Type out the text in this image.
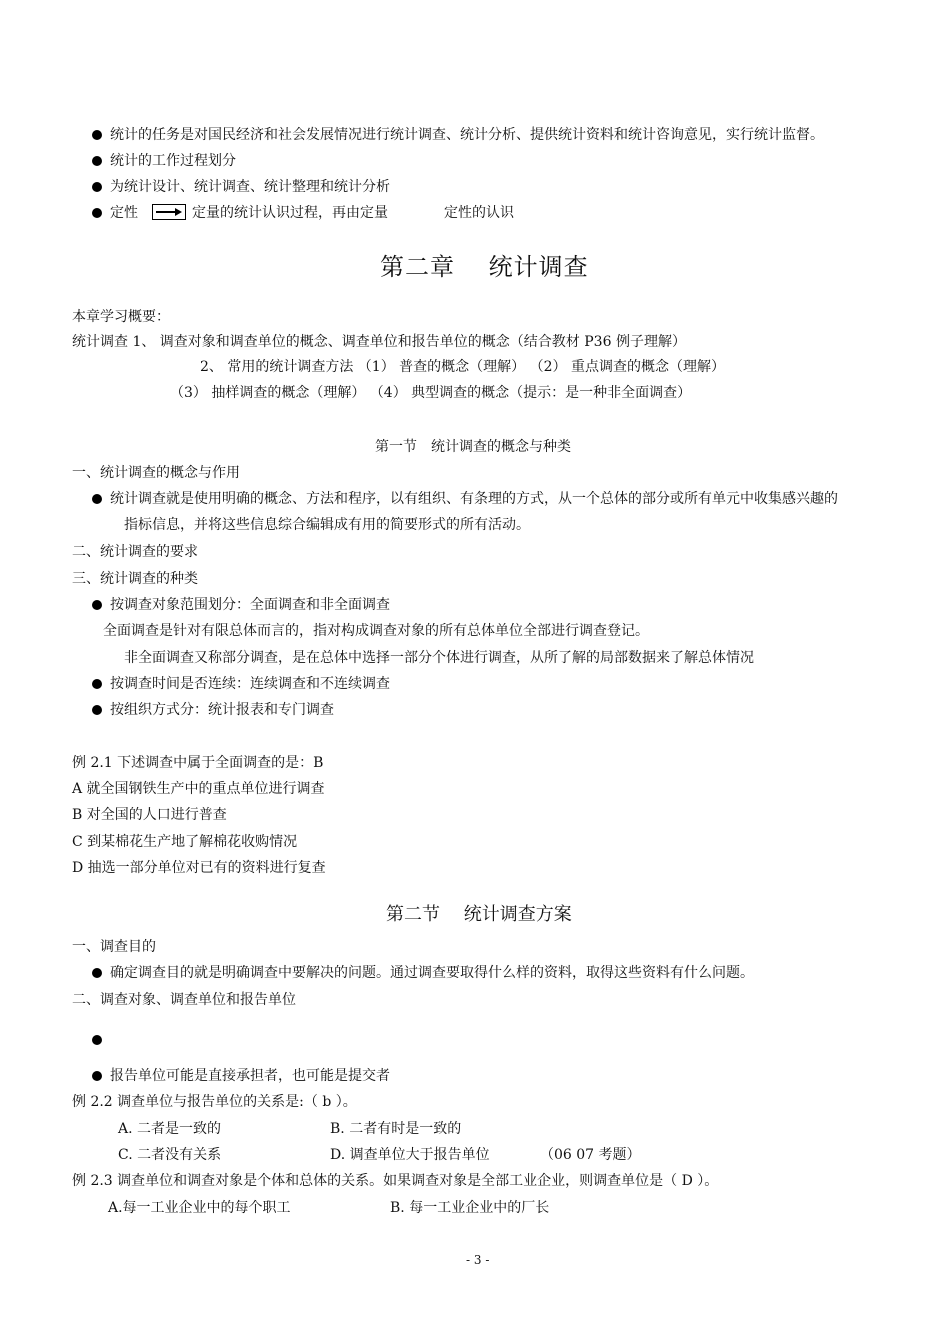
统计的任务是对国民经济和社会发展情况进行统计调查、统计分析、提供统计资料和统计咨询意见，实行统计监督。
统计的工作过程划分
为统计设计、统计调查、统计整理和统计分析
定性	定量的统计认识过程，再由定量	定性的认识
第二章　 统计调查
本章学习概要：
统计调查 1、 调查对象和调查单位的概念、调查单位和报告单位的概念（结合教材 P36 例子理解）
2、 常用的统计调查方法 （1） 普查的概念（理解） （2） 重点调查的概念（理解）
（3） 抽样调查的概念（理解） （4） 典型调查的概念（提示：是一种非全面调查）
第一节　统计调查的概念与种类
一、统计调查的概念与作用
统计调查就是使用明确的概念、方法和程序，以有组织、有条理的方式，从一个总体的部分或所有单元中收集感兴趣的
指标信息，并将这些信息综合编辑成有用的简要形式的所有活动。
二、统计调查的要求
三、统计调查的种类
按调查对象范围划分：全面调查和非全面调查
全面调查是针对有限总体而言的，指对构成调查对象的所有总体单位全部进行调查登记。
非全面调查又称部分调查，是在总体中选择一部分个体进行调查，从所了解的局部数据来了解总体情况
按调查时间是否连续：连续调查和不连续调查
按组织方式分：统计报表和专门调查
例 2.1 下述调查中属于全面调查的是：B
A 就全国钢铁生产中的重点单位进行调查
B 对全国的人口进行普查
C 到某棉花生产地了解棉花收购情况
D 抽选一部分单位对已有的资料进行复查
第二节　 统计调查方案
一、调查目的
确定调查目的就是明确调查中要解决的问题。通过调查要取得什么样的资料，取得这些资料有什么问题。
二、调查对象、调查单位和报告单位
报告单位可能是直接承担者，也可能是提交者
例 2.2 调查单位与报告单位的关系是:（ b ）。
A. 二者是一致的	B. 二者有时是一致的
C. 二者没有关系	D. 调查单位大于报告单位	（06 07 考题）
例 2.3 调查单位和调查对象是个体和总体的关系。如果调查对象是全部工业企业，则调查单位是（ D ）。
A.每一工业企业中的每个职工	B. 每一工业企业中的厂长
- 3 -
